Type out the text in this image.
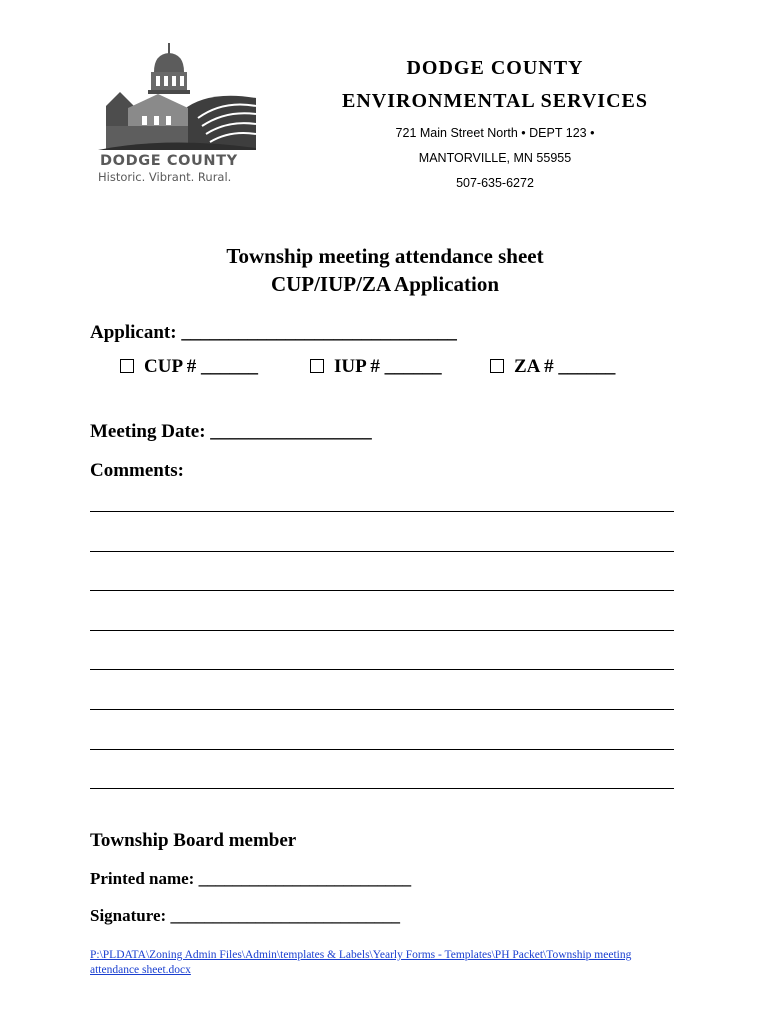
DODGE COUNTY
Historic. Vibrant. Rural.
DODGE COUNTY
ENVIRONMENTAL SERVICES
721 Main Street North • DEPT 123 •
MANTORVILLE, MN 55955
507-635-6272
Township meeting attendance sheet
CUP/IUP/ZA Application
Applicant: _____________________________
CUP # ______	IUP # ______	ZA # ______
Meeting Date: _________________
Comments:
Township Board member
Printed name: _________________________
Signature: ___________________________
P:\PLDATA\Zoning Admin Files\Admin\templates & Labels\Yearly Forms - Templates\PH Packet\Township meeting attendance sheet.docx
